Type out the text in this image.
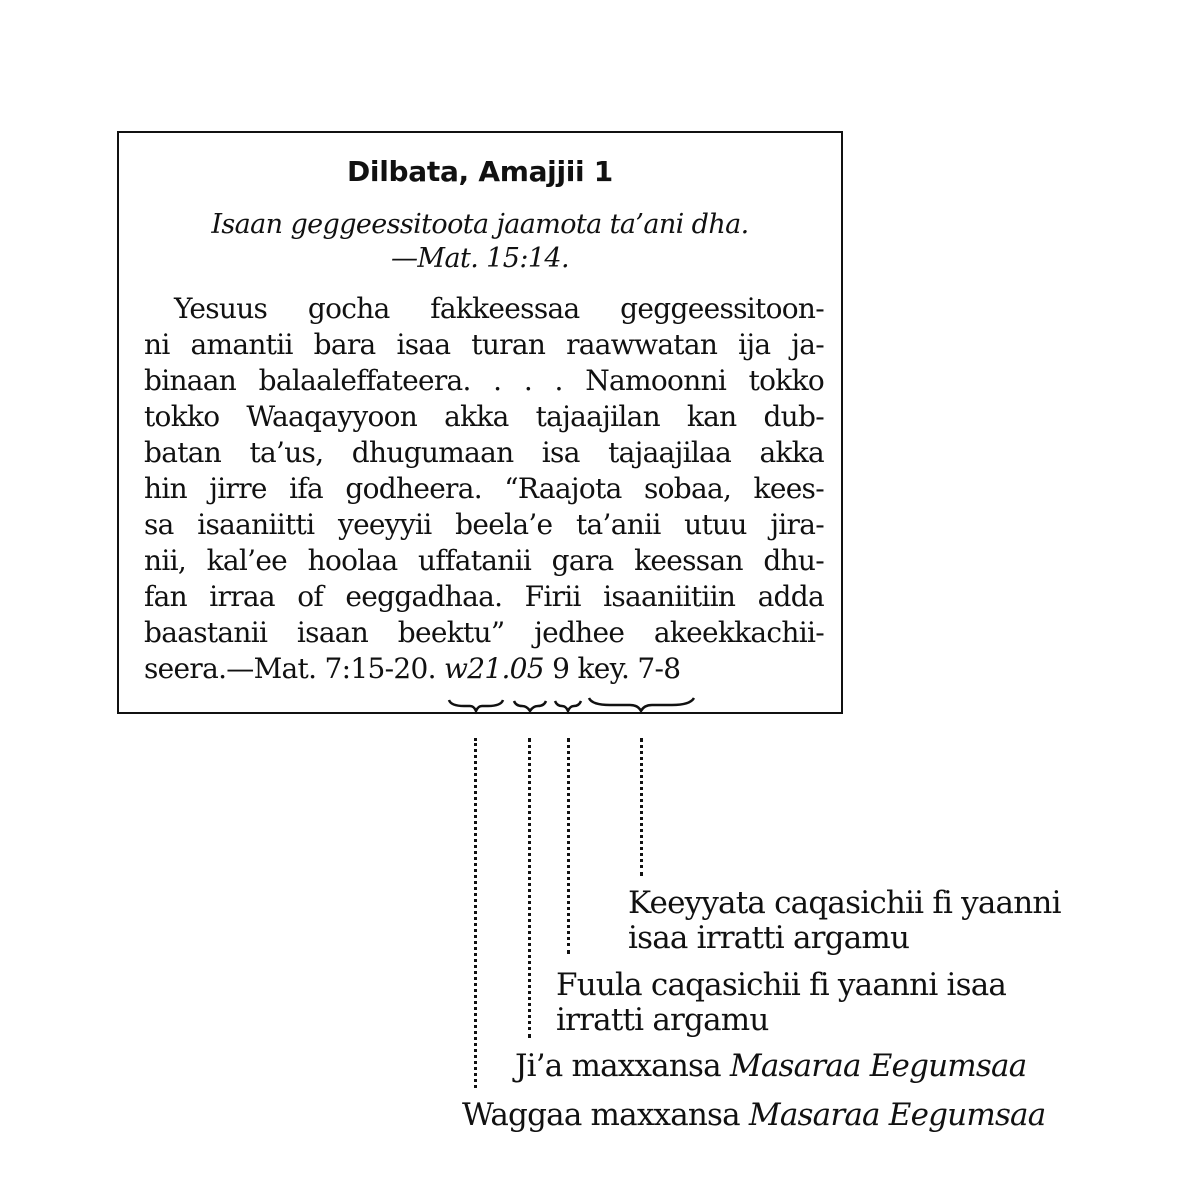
Dilbata, Amajjii 1
Isaan geggeessitoota jaamota ta’ani dha.
—Mat. 15:14.
Yesuus gocha fakkeessaa geggeessitoon-
ni amantii bara isaa turan raawwatan ija ja-
binaan balaaleffateera. . . . Namoonni tokko
tokko Waaqayyoon akka tajaajilan kan dub-
batan ta’us, dhugumaan isa tajaajilaa akka
hin jirre ifa godheera. “Raajota sobaa, kees-
sa isaaniitti yeeyyii beela’e ta’anii utuu jira-
nii, kal’ee hoolaa uffatanii gara keessan dhu-
fan irraa of eeggadhaa. Firii isaaniitiin adda
baastanii isaan beektu” jedhee akeekkachii-
seera.—Mat. 7:15-20. w21.05 9 key. 7-8
Keeyyata caqasichii fi yaanni
isaa irratti argamu
Fuula caqasichii fi yaanni isaa
irratti argamu
Ji’a maxxansa Masaraa Eegumsaa
Waggaa maxxansa Masaraa Eegumsaa
